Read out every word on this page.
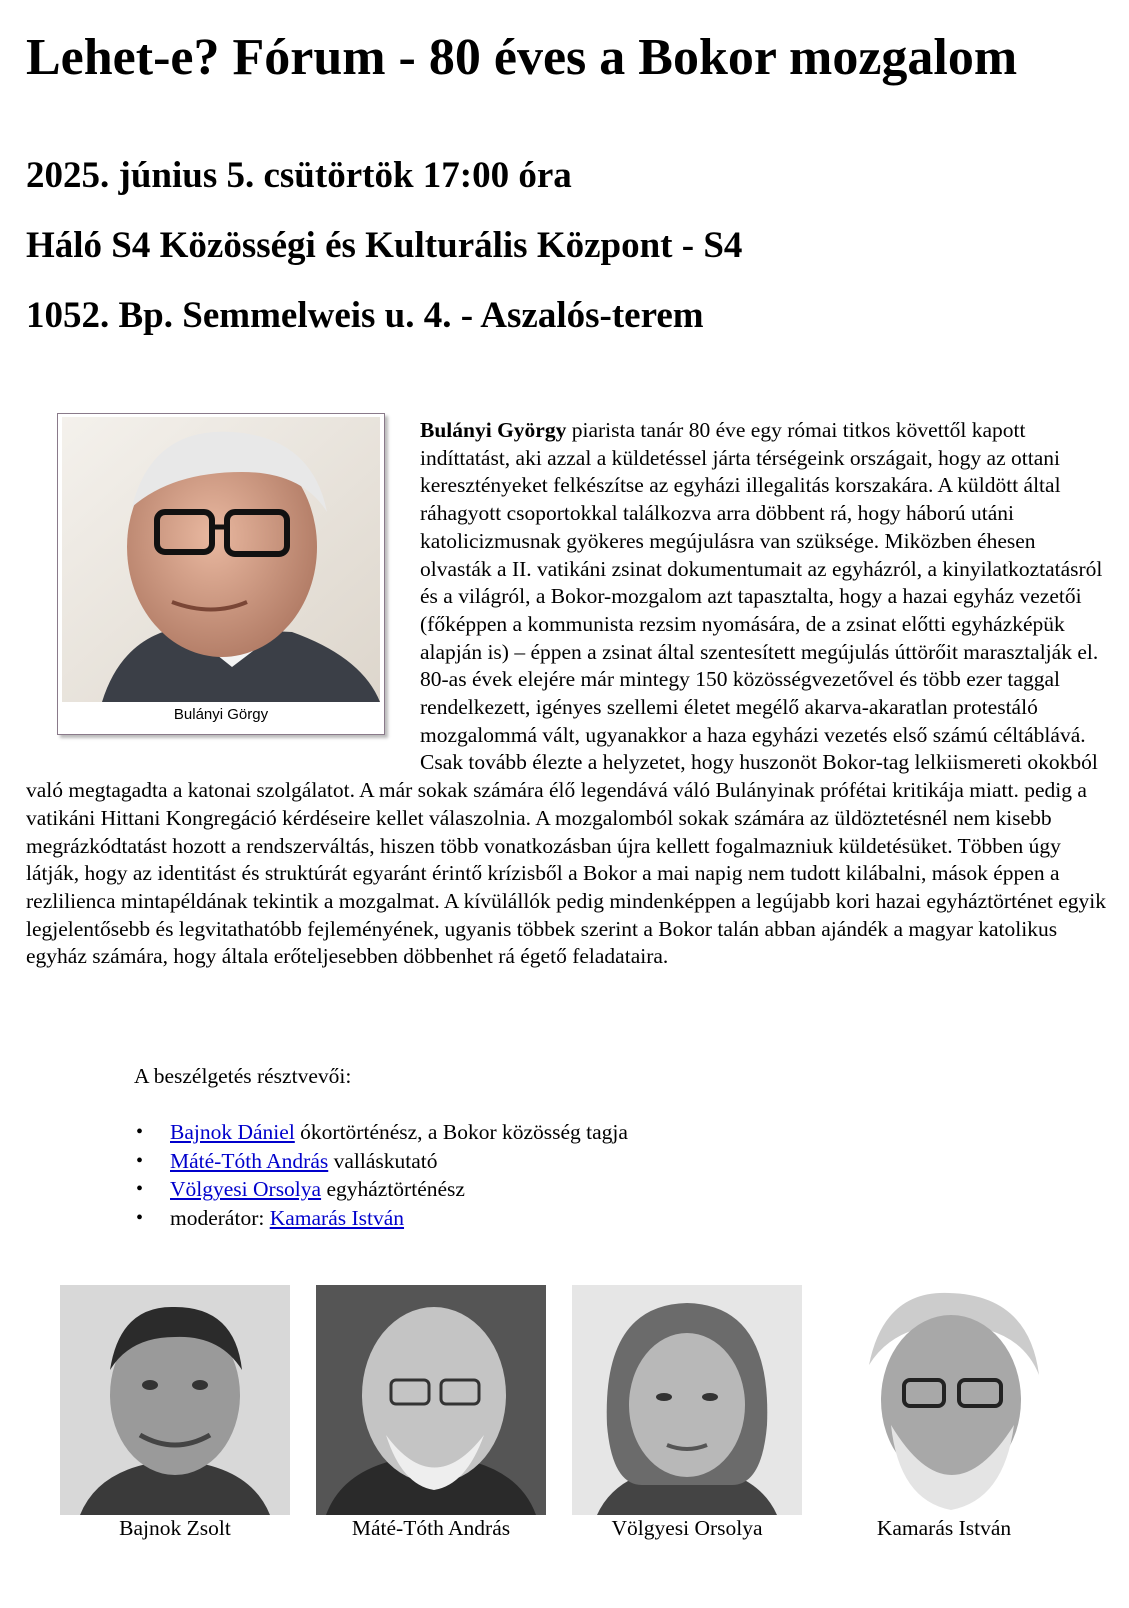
Lehet-e? Fórum - 80 éves a Bokor mozgalom

2025. június 5. csütörtök 17:00 óra

Háló S4 Közösségi és Kulturális Központ - S4

1052. Bp. Semmelweis u. 4. - Aszalós-terem

Bulányi Görgy
Bulányi György piarista tanár 80 éve egy római titkos követtől kapott indíttatást, aki azzal a küldetéssel járta térségeink országait, hogy az ottani keresztényeket felkészítse az egyházi illegalitás korszakára. A küldött által ráhagyott csoportokkal találkozva arra döbbent rá, hogy háború utáni katolicizmusnak gyökeres megújulásra van szüksége. Miközben éhesen olvasták a II. vatikáni zsinat dokumentumait az egyházról, a kinyilatkoztatásról és a világról, a Bokor-mozgalom azt tapasztalta, hogy a hazai egyház vezetői (főképpen a kommunista rezsim nyomására, de a zsinat előtti egyházképük alapján is) – éppen a zsinat által szentesített megújulás úttörőit marasztalják el. 80-as évek elejére már mintegy 150 közösségvezetővel és több ezer taggal rendelkezett, igényes szellemi életet megélő akarva-akaratlan protestáló mozgalommá vált, ugyanakkor a haza egyházi vezetés első számú céltáblává. Csak tovább élezte a helyzetet, hogy huszonöt Bokor-tag lelkiismereti okokból való megtagadta a katonai szolgálatot. A már sokak számára élő legendává váló Bulányinak prófétai kritikája miatt. pedig a vatikáni Hittani Kongregáció kérdéseire kellet válaszolnia. A mozgalomból sokak számára az üldöztetésnél nem kisebb megrázkódtatást hozott a rendszerváltás, hiszen több vonatkozásban újra kellett fogalmazniuk küldetésüket. Többen úgy látják, hogy az identitást és struktúrát egyaránt érintő krízisből a Bokor a mai napig nem tudott kilábalni, mások éppen a rezlilienca mintapéldának tekintik a mozgalmat. A kívülállók pedig mindenképpen a legújabb kori hazai egyháztörténet egyik legjelentősebb és legvitathatóbb fejleményének, ugyanis többek szerint a Bokor talán abban ajándék a magyar katolikus egyház számára, hogy általa erőteljesebben döbbenhet rá égető feladataira.

A beszélgetés résztvevői:

• Bajnok Dániel ókortörténész, a Bokor közösség tagja
• Máté-Tóth András valláskutató
• Völgyesi Orsolya egyháztörténész
• moderátor: Kamarás István
Bajnok Zsolt	Máté-Tóth András	Völgyesi Orsolya	Kamarás István
